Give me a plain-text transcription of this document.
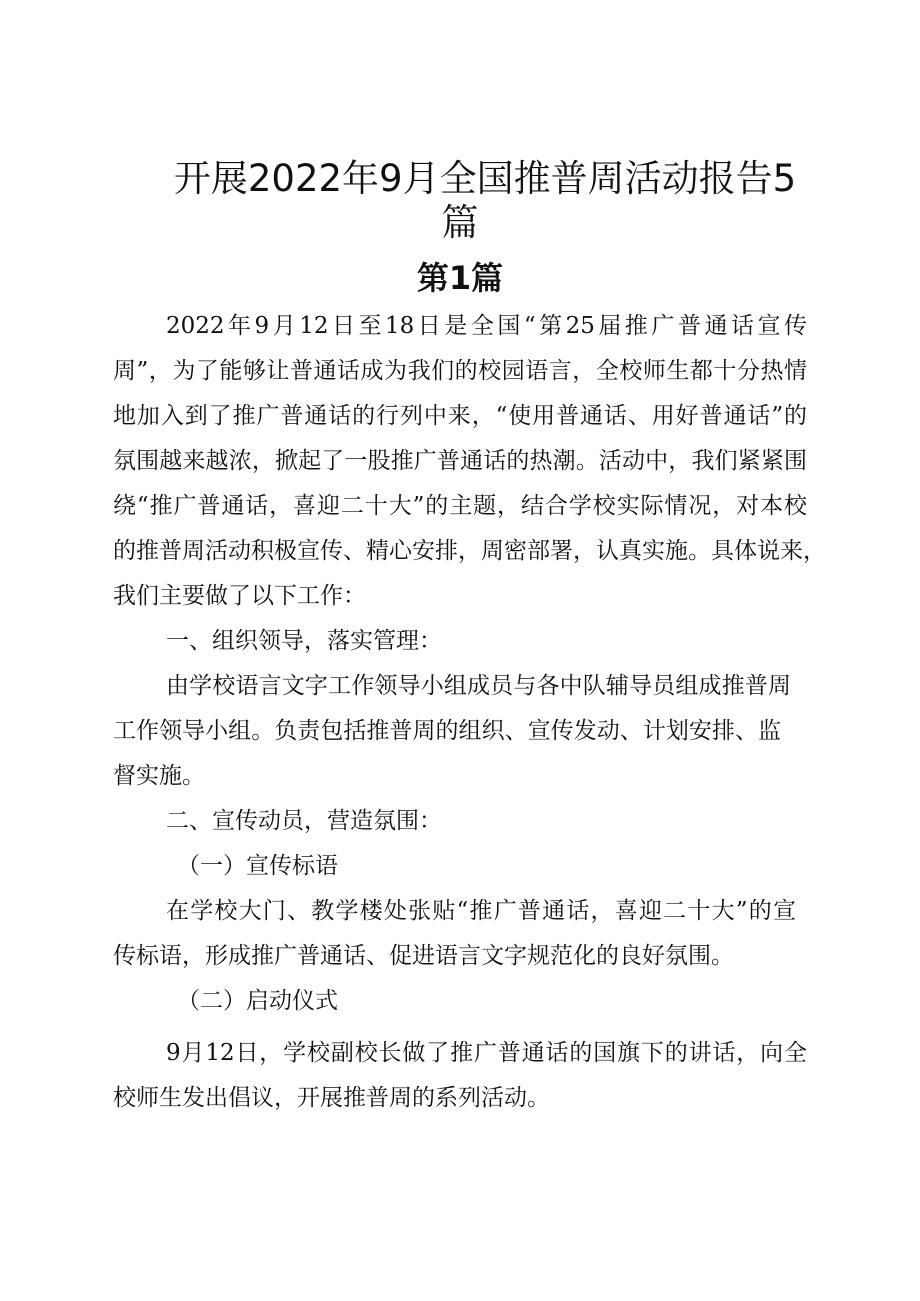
开展2022年9月全国推普周活动报告5
篇
第1篇
2022年9月12日至18日是全国“第25届推广普通话宣传
周”，为了能够让普通话成为我们的校园语言，全校师生都十分热情
地加入到了推广普通话的行列中来，“使用普通话、用好普通话”的
氛围越来越浓，掀起了一股推广普通话的热潮。活动中，我们紧紧围
绕“推广普通话，喜迎二十大”的主题，结合学校实际情况，对本校
的推普周活动积极宣传、精心安排，周密部署，认真实施。具体说来，
我们主要做了以下工作：
一、组织领导，落实管理：
由学校语言文字工作领导小组成员与各中队辅导员组成推普周
工作领导小组。负责包括推普周的组织、宣传发动、计划安排、监
督实施。
二、宣传动员，营造氛围：
（一）宣传标语
在学校大门、教学楼处张贴“推广普通话，喜迎二十大”的宣
传标语，形成推广普通话、促进语言文字规范化的良好氛围。
（二）启动仪式
9月12日，学校副校长做了推广普通话的国旗下的讲话，向全
校师生发出倡议，开展推普周的系列活动。
